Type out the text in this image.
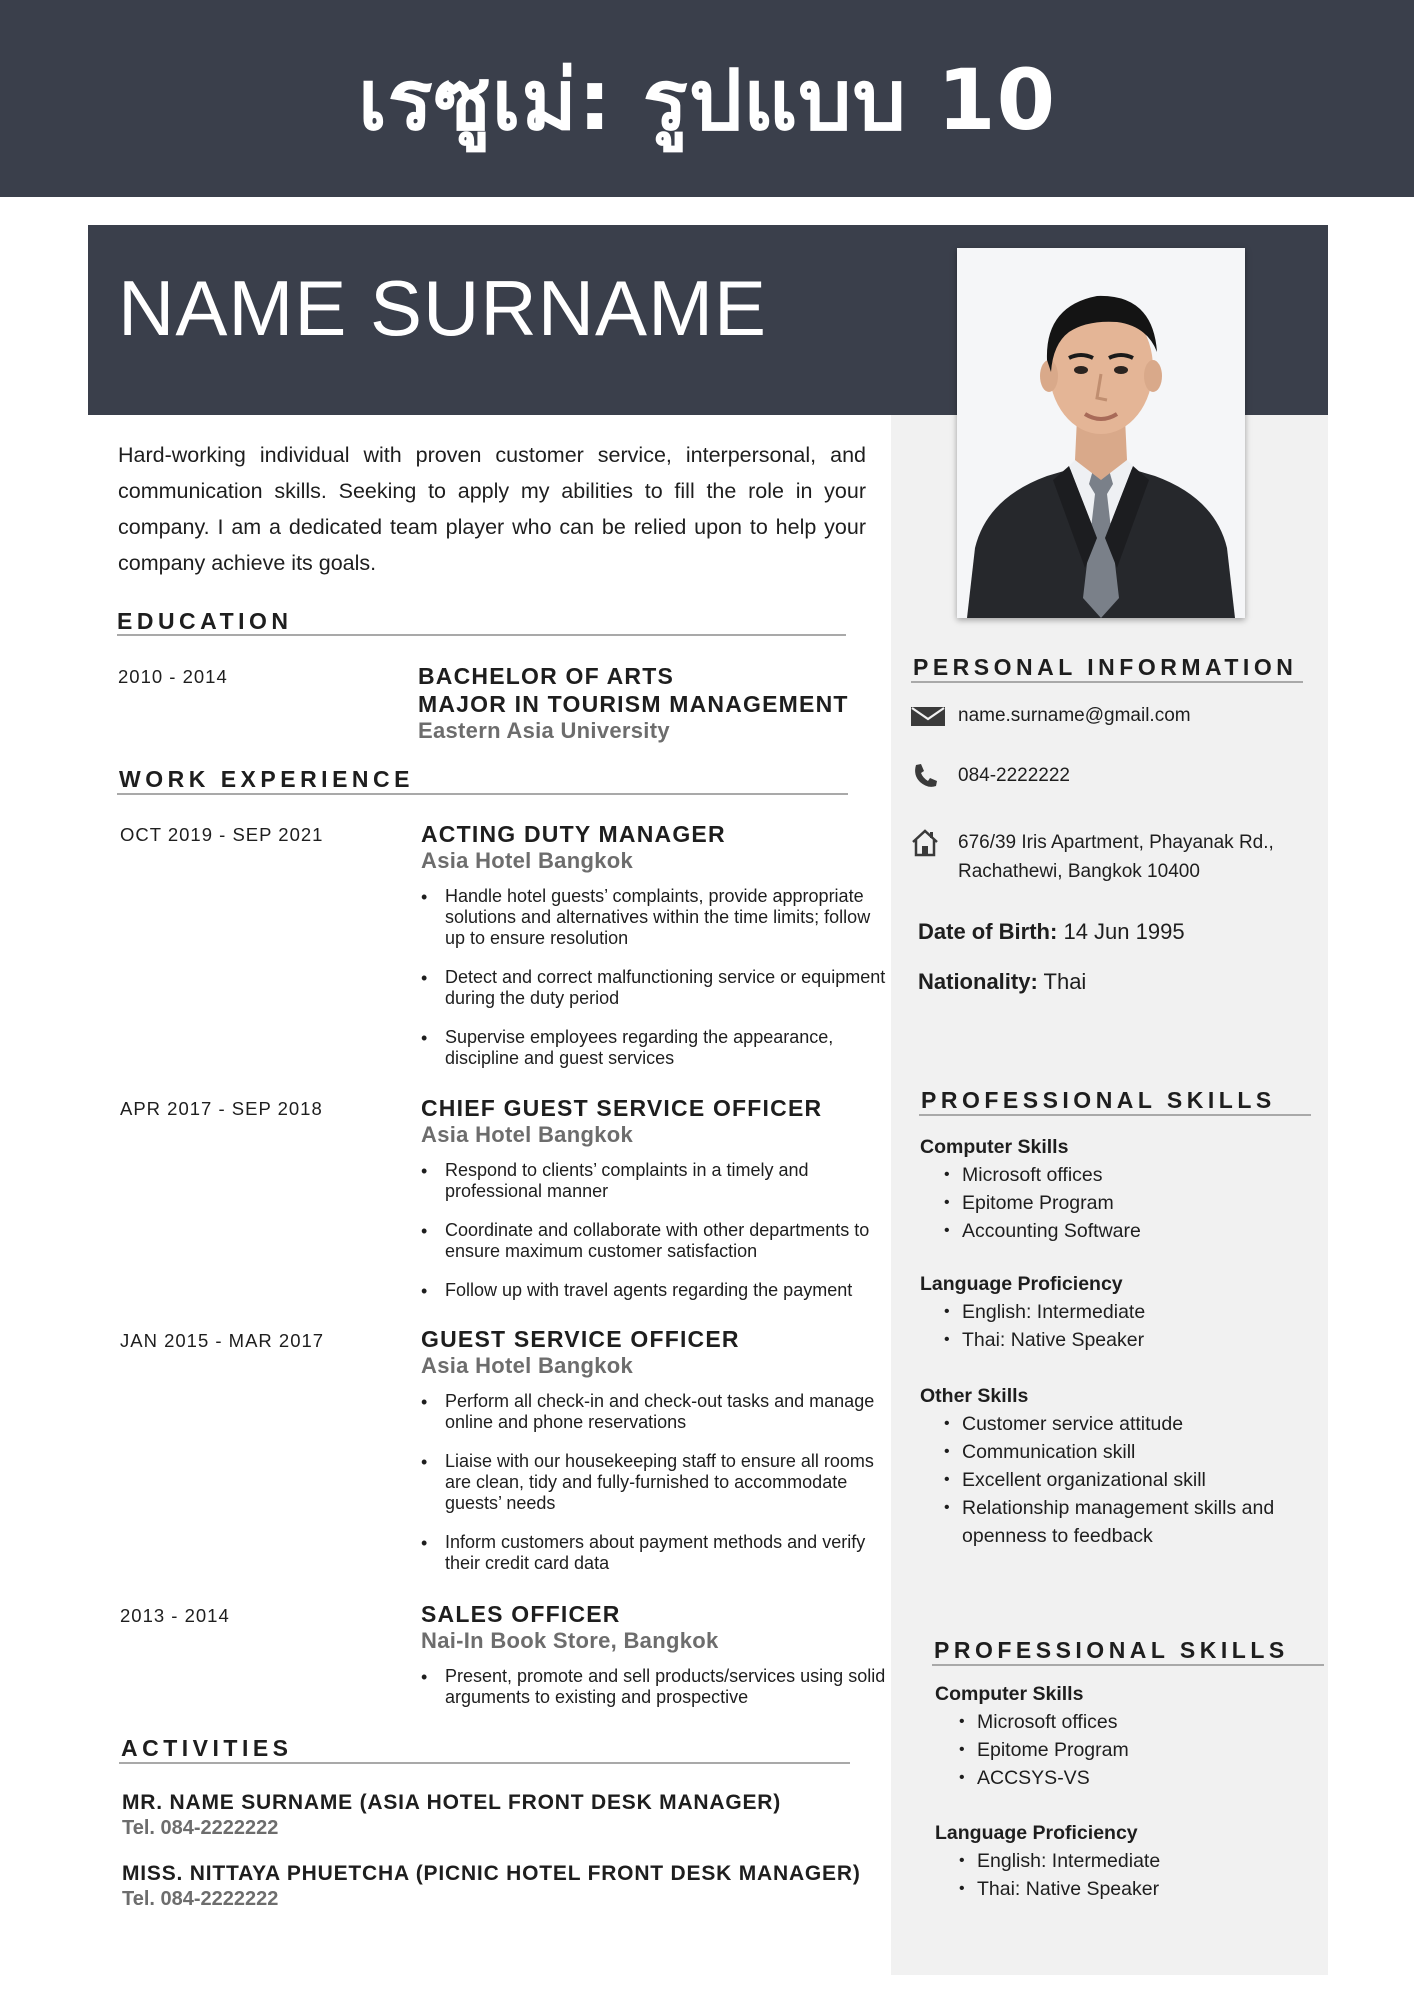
เรซูเม่: รูปแบบ 10
NAME SURNAME
Hard-working individual with proven customer service, interpersonal, and communication skills. Seeking to apply my abilities to fill the role in your company. I am a dedicated team player who can be relied upon to help your company achieve its goals.
EDUCATION
2010 - 2014	BACHELOR OF ARTS
MAJOR IN TOURISM MANAGEMENT
Eastern Asia University
WORK EXPERIENCE
OCT 2019 - SEP 2021	ACTING DUTY MANAGER
Asia Hotel Bangkok
• Handle hotel guests’ complaints, provide appropriate solutions and alternatives within the time limits; follow up to ensure resolution
• Detect and correct malfunctioning service or equipment during the duty period
• Supervise employees regarding the appearance, discipline and guest services
APR 2017 - SEP 2018	CHIEF GUEST SERVICE OFFICER
Asia Hotel Bangkok
• Respond to clients’ complaints in a timely and professional manner
• Coordinate and collaborate with other departments to ensure maximum customer satisfaction
• Follow up with travel agents regarding the payment
JAN 2015 - MAR 2017	GUEST SERVICE OFFICER
Asia Hotel Bangkok
• Perform all check-in and check-out tasks and manage online and phone reservations
• Liaise with our housekeeping staff to ensure all rooms are clean, tidy and fully-furnished to accommodate guests’ needs
• Inform customers about payment methods and verify their credit card data
2013 - 2014	SALES OFFICER
Nai-In Book Store, Bangkok
• Present, promote and sell products/services using solid arguments to existing and prospective
ACTIVITIES
MR. NAME SURNAME (ASIA HOTEL FRONT DESK MANAGER)
Tel. 084-2222222
MISS. NITTAYA PHUETCHA (PICNIC HOTEL FRONT DESK MANAGER)
Tel. 084-2222222
PERSONAL INFORMATION
name.surname@gmail.com
084-2222222
676/39 Iris Apartment, Phayanak Rd.,
Rachathewi, Bangkok 10400
Date of Birth: 14 Jun 1995
Nationality: Thai
PROFESSIONAL SKILLS
Computer Skills
• Microsoft offices
• Epitome Program
• Accounting Software
Language Proficiency
• English: Intermediate
• Thai: Native Speaker
Other Skills
• Customer service attitude
• Communication skill
• Excellent organizational skill
• Relationship management skills and openness to feedback
PROFESSIONAL SKILLS
Computer Skills
• Microsoft offices
• Epitome Program
• ACCSYS-VS
Language Proficiency
• English: Intermediate
• Thai: Native Speaker
